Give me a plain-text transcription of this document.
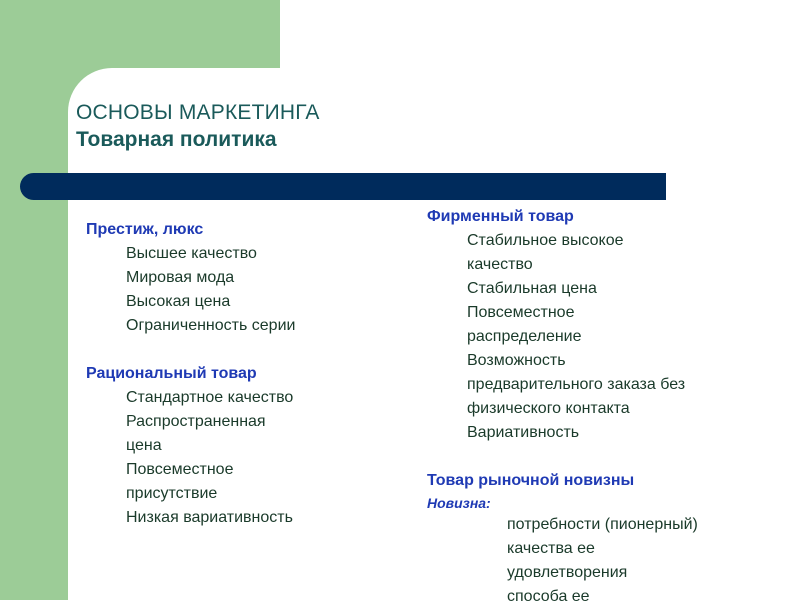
ОСНОВЫ МАРКЕТИНГА
Товарная политика
Престиж, люкс
Высшее качество
Мировая мода
Высокая цена
Ограниченность серии
Рациональный товар
Стандартное качество
Распространенная
цена
Повсеместное
присутствие
Низкая вариативность
Фирменный товар
Стабильное высокое
качество
Стабильная цена
Повсеместное
распределение
Возможность
предварительного заказа без
физического контакта
Вариативность
Товар рыночной новизны
Новизна:
потребности (пионерный)
качества ее
удовлетворения
способа ее
